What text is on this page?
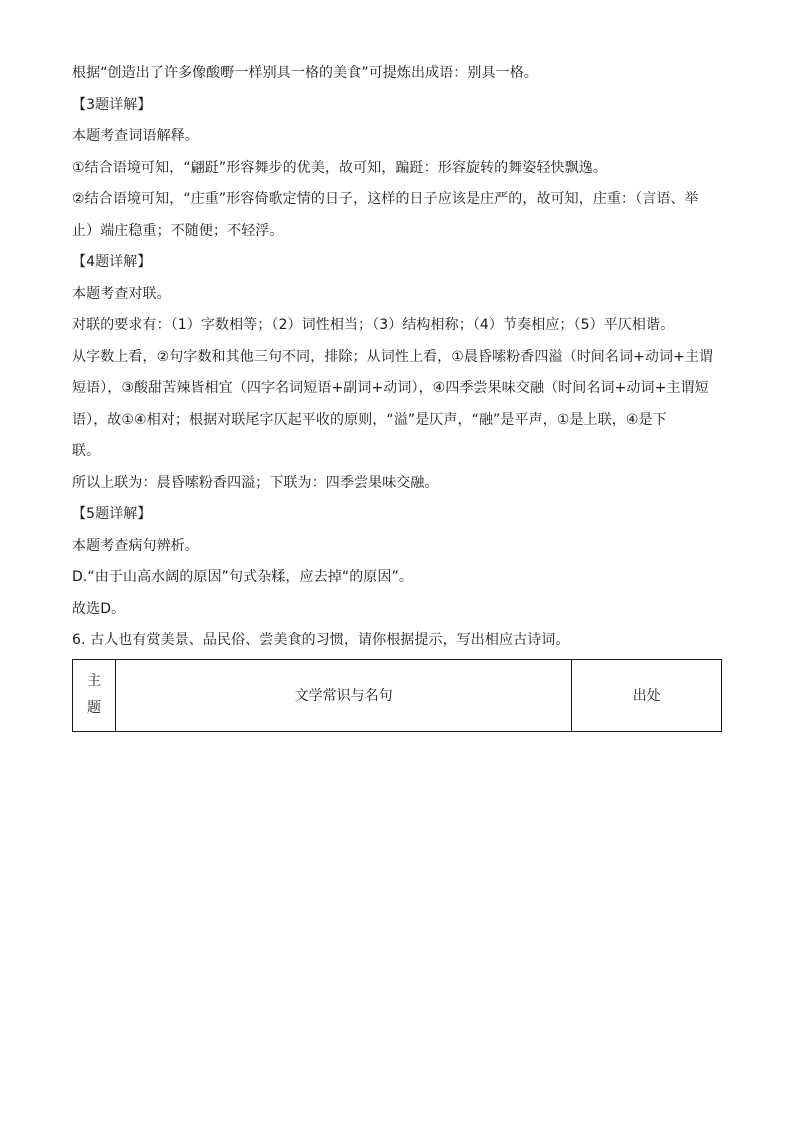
根据“创造出了许多像酸嘢一样别具一格的美食”可提炼出成语：别具一格。
【3题详解】
本题考查词语解释。
①结合语境可知，“翩跹”形容舞步的优美，故可知，蹁跹：形容旋转的舞姿轻快飘逸。
②结合语境可知，“庄重”形容倚歌定情的日子，这样的日子应该是庄严的，故可知，庄重：（言语、举
止）端庄稳重；不随便；不轻浮。
【4题详解】
本题考查对联。
对联的要求有：（1）字数相等；（2）词性相当；（3）结构相称；（4）节奏相应；（5）平仄相谐。
从字数上看，②句字数和其他三句不同，排除；从词性上看，①晨昏嗦粉香四溢（时间名词+动词+主谓
短语），③酸甜苦辣皆相宜（四字名词短语+副词+动词），④四季尝果味交融（时间名词+动词+主谓短
语），故①④相对；根据对联尾字仄起平收的原则，“溢”是仄声，“融”是平声，①是上联，④是下
联。
所以上联为：晨昏嗦粉香四溢；下联为：四季尝果味交融。
【5题详解】
本题考查病句辨析。
D.“由于山高水阔的原因”句式杂糅，应去掉“的原因”。
故选D。
6. 古人也有赏美景、品民俗、尝美食的习惯，请你根据提示，写出相应古诗词。
主
题
	文学常识与名句	出处
